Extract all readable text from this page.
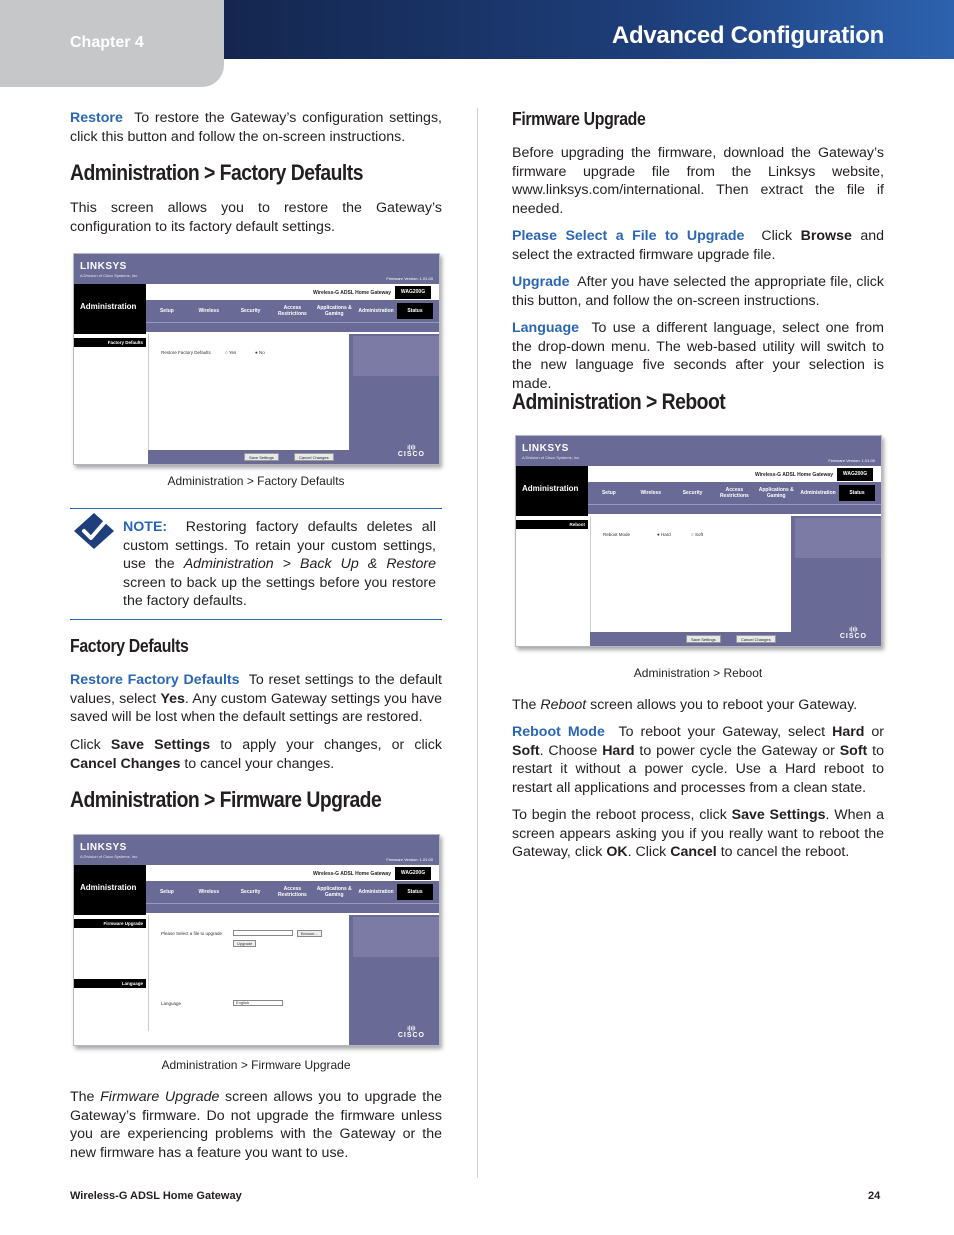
Chapter 4	Advanced Configuration

Restore To restore the Gateway’s configuration settings, click this button and follow the on-screen instructions.

Administration > Factory Defaults

This screen allows you to restore the Gateway’s configuration to its factory default settings.

LINKSYS
A Division of Cisco Systems, Inc.
Firmware Version: 1.01.00
Administration
Wireless-G ADSL Home Gateway	WAG200G
Setup	Wireless	Security	Access Restrictions
Applications & Gaming	Administration	Status
Factory Defaults
Restore Factory Defaults	○ Yes	● No
ı|ı|ı
CISCO
Save Settings	Cancel Changes
Administration > Factory Defaults

NOTE: Restoring factory defaults deletes all custom settings. To retain your custom settings, use the Administration > Back Up & Restore screen to back up the settings before you restore the factory defaults.

Factory Defaults

Restore Factory Defaults To reset settings to the default values, select Yes. Any custom Gateway settings you have saved will be lost when the default settings are restored.

Click Save Settings to apply your changes, or click Cancel Changes to cancel your changes.

Administration > Firmware Upgrade
LINKSYS
A Division of Cisco Systems, Inc.
Firmware Version: 1.01.00
Administration
Wireless-G ADSL Home Gateway	WAG200G
Setup	Wireless	Security	Access Restrictions
Applications & Gaming	Administration	Status
Firmware Upgrade
Language
Please Select a file to upgrade	Browse...
Upgrade
Language	English
ı|ı|ı
CISCO
Administration > Firmware Upgrade

The Firmware Upgrade screen allows you to upgrade the Gateway’s firmware. Do not upgrade the firmware unless you are experiencing problems with the Gateway or the new firmware has a feature you want to use.

Firmware Upgrade

Before upgrading the firmware, download the Gateway’s firmware upgrade file from the Linksys website, www.linksys.com/international. Then extract the file if needed.

Please Select a File to Upgrade Click Browse and select the extracted firmware upgrade file.

Upgrade After you have selected the appropriate file, click this button, and follow the on-screen instructions.

Language To use a different language, select one from the drop-down menu. The web-based utility will switch to the new language five seconds after your selection is made.

Administration > Reboot
LINKSYS
A Division of Cisco Systems, Inc.
Firmware Version: 1.01.00
Administration
Wireless-G ADSL Home Gateway	WAG200G
Setup	Wireless	Security	Access Restrictions
Applications & Gaming	Administration	Status
Reboot
Reboot Mode	● Hard	○ Soft
ı|ı|ı
CISCO
Save Settings	Cancel Changes
Administration > Reboot

The Reboot screen allows you to reboot your Gateway.

Reboot Mode To reboot your Gateway, select Hard or Soft. Choose Hard to power cycle the Gateway or Soft to restart it without a power cycle. Use a Hard reboot to restart all applications and processes from a clean state.

To begin the reboot process, click Save Settings. When a screen appears asking you if you really want to reboot the Gateway, click OK. Click Cancel to cancel the reboot.

Wireless-G ADSL Home Gateway	24
